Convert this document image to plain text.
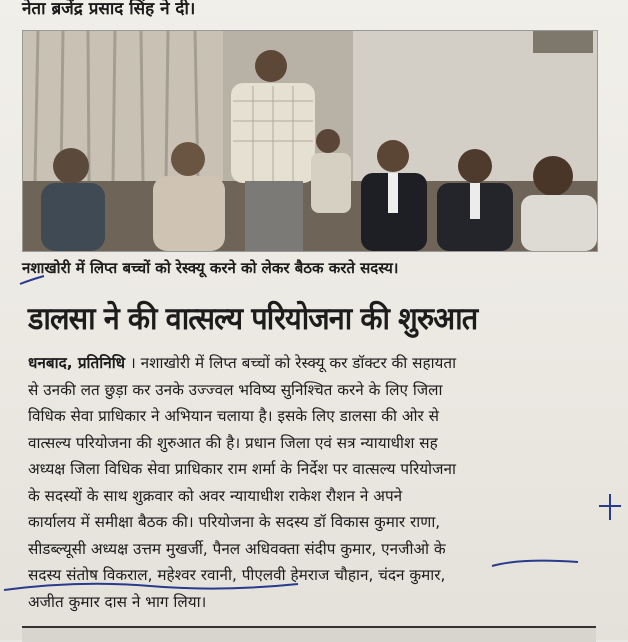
नेता ब्रजेंद्र प्रसाद सिंह ने दी।
नशाखोरी में लिप्त बच्चों को रेस्क्यू करने को लेकर बैठक करते सदस्य।
डालसा ने की वात्सल्य परियोजना की शुरुआत

धनबाद, प्रतिनिधि । नशाखोरी में लिप्त बच्चों को रेस्क्यू कर डॉक्टर की सहायता

से उनकी लत छुड़ा कर उनके उज्ज्वल भविष्य सुनिश्चित करने के लिए जिला

विधिक सेवा प्राधिकार ने अभियान चलाया है। इसके लिए डालसा की ओर से

वात्सल्य परियोजना की शुरुआत की है। प्रधान जिला एवं सत्र न्यायाधीश सह

अध्यक्ष जिला विधिक सेवा प्राधिकार राम शर्मा के निर्देश पर वात्सल्य परियोजना

के सदस्यों के साथ शुक्रवार को अवर न्यायाधीश राकेश रौशन ने अपने

कार्यालय में समीक्षा बैठक की। परियोजना के सदस्य डॉ विकास कुमार राणा,

सीडब्ल्यूसी अध्यक्ष उत्तम मुखर्जी, पैनल अधिवक्ता संदीप कुमार, एनजीओ के

सदस्य संतोष विकराल, महेश्वर रवानी, पीएलवी हेमराज चौहान, चंदन कुमार,

अजीत कुमार दास ने भाग लिया।
